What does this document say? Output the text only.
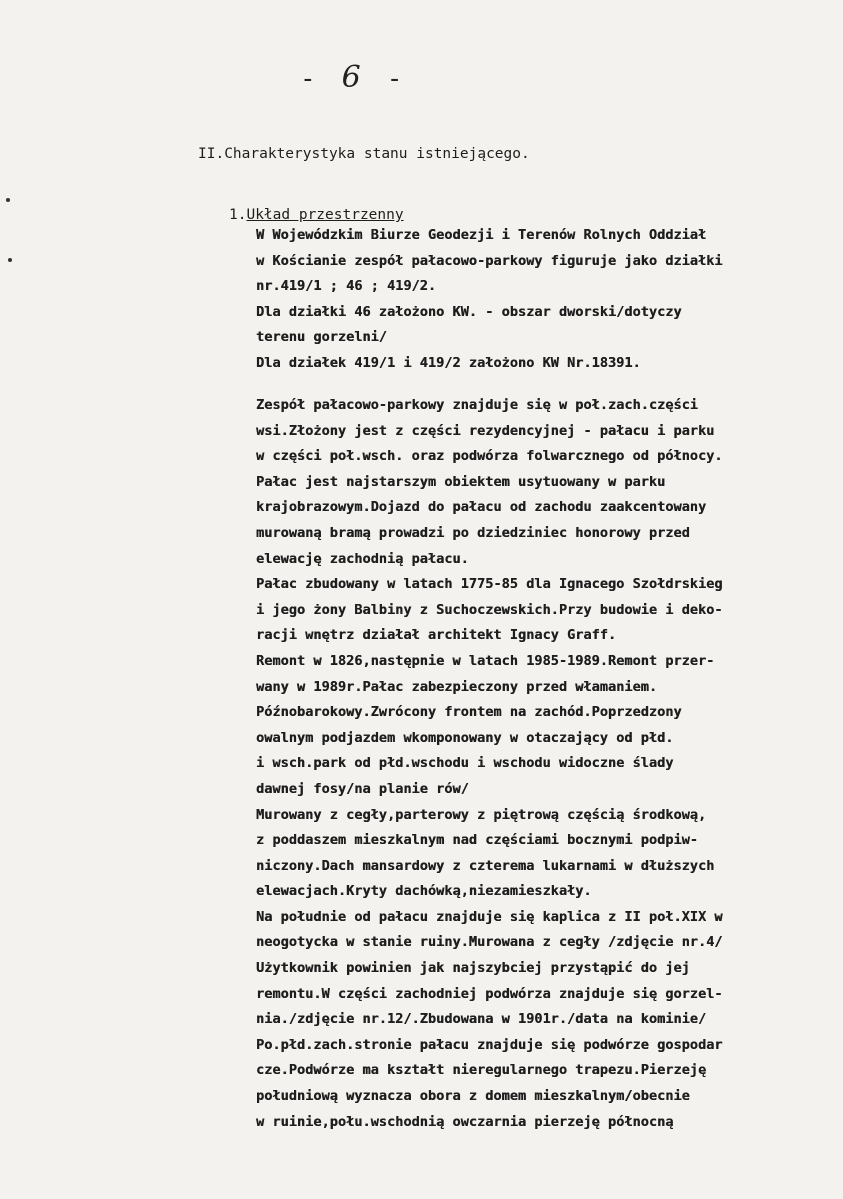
- 6 -
II.Charakterystyka stanu istniejącego.
1.Układ przestrzenny
W Wojewódzkim Biurze Geodezji i Terenów Rolnych Oddział
w Kościanie zespół pałacowo-parkowy figuruje jako działki
nr.419/1 ; 46 ; 419/2.
Dla działki 46 założono KW. - obszar dworski/dotyczy
terenu gorzelni/
Dla działek 419/1 i 419/2 założono KW Nr.18391.
Zespół pałacowo-parkowy znajduje się w poł.zach.części
wsi.Złożony jest z części rezydencyjnej - pałacu i parku
w części poł.wsch. oraz podwórza folwarcznego od północy.
Pałac jest najstarszym obiektem usytuowany w parku
krajobrazowym.Dojazd do pałacu od zachodu zaakcentowany
murowaną bramą prowadzi po dziedziniec honorowy przed
elewację zachodnią pałacu.
Pałac zbudowany w latach 1775-85 dla Ignacego Szołdrskieg
i jego żony Balbiny z Suchoczewskich.Przy budowie i deko-
racji wnętrz działał architekt Ignacy Graff.
Remont w 1826,następnie w latach 1985-1989.Remont przer-
wany w 1989r.Pałac zabezpieczony przed włamaniem.
Późnobarokowy.Zwrócony frontem na zachód.Poprzedzony
owalnym podjazdem wkomponowany w otaczający od płd.
i wsch.park od płd.wschodu i wschodu widoczne ślady
dawnej fosy/na planie rów/
Murowany z cegły,parterowy z piętrową częścią środkową,
z poddaszem mieszkalnym nad częściami bocznymi podpiw-
niczony.Dach mansardowy z czterema lukarnami w dłuższych
elewacjach.Kryty dachówką,niezamieszkały.
Na południe od pałacu znajduje się kaplica z II poł.XIX w
neogotycka w stanie ruiny.Murowana z cegły /zdjęcie nr.4/
Użytkownik powinien jak najszybciej przystąpić do jej
remontu.W części zachodniej podwórza znajduje się gorzel-
nia./zdjęcie nr.12/.Zbudowana w 1901r./data na kominie/
Po.płd.zach.stronie pałacu znajduje się podwórze gospodar
cze.Podwórze ma kształt nieregularnego trapezu.Pierzeję
południową wyznacza obora z domem mieszkalnym/obecnie
w ruinie,połu.wschodnią owczarnia pierzeję północną
